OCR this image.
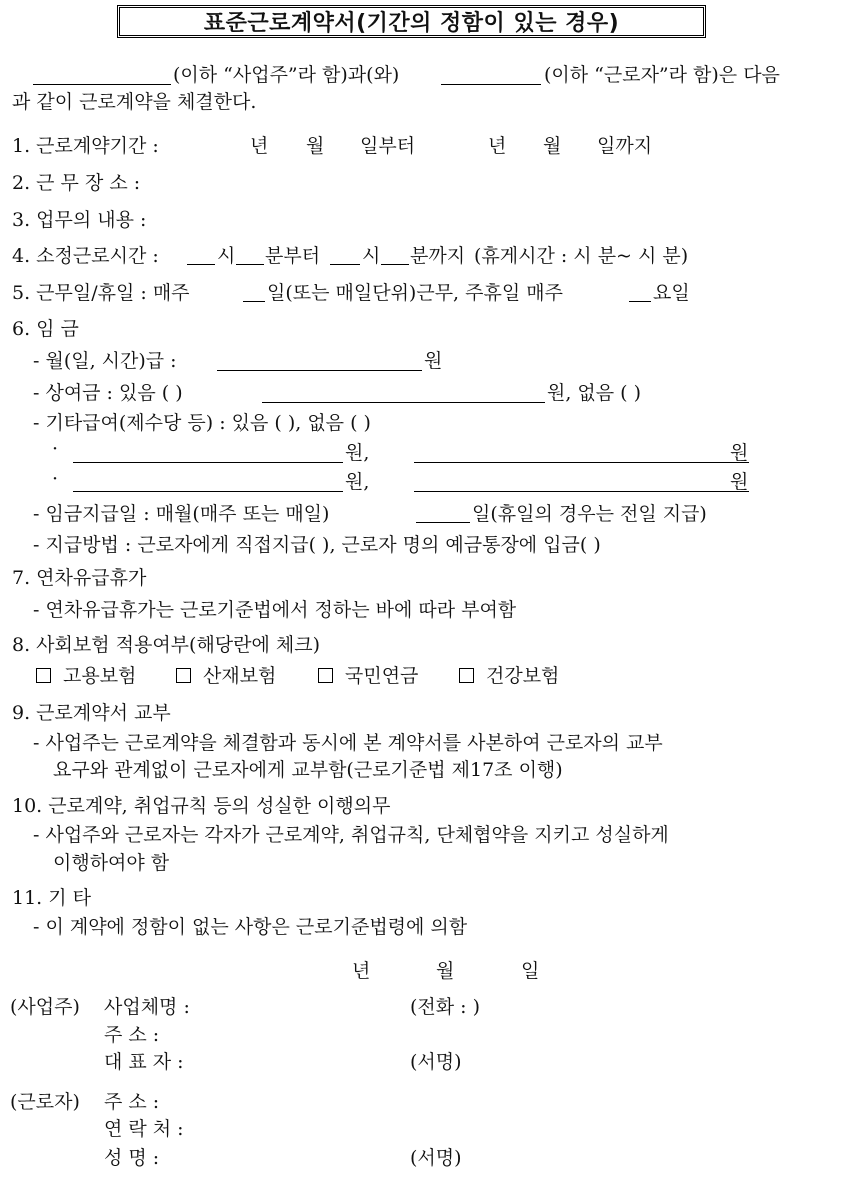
표준근로계약서(기간의 정함이 있는 경우)
(이하 “사업주”라 함)과(와)	(이하 “근로자”라 함)은 다음
과 같이 근로계약을 체결한다.
1. 근로계약기간 :	년 월 일부터	년 월 일까지
2. 근 무 장 소 :
3. 업무의 내용 :
4. 소정근로시간 :	시 분부터 시 분까지 (휴게시간 : 시 분~ 시 분)
5. 근무일/휴일 : 매주	일(또는 매일단위)근무, 주휴일 매주	요일
6. 임 금
- 월(일, 시간)급 :	원
- 상여금 : 있음 ( )	원, 없음 ( )
- 기타급여(제수당 등) : 있음 ( ), 없음 ( )
·	원,	원
·	원,	원
- 임금지급일 : 매월(매주 또는 매일)	일(휴일의 경우는 전일 지급)
- 지급방법 : 근로자에게 직접지급( ), 근로자 명의 예금통장에 입금( )
7. 연차유급휴가
- 연차유급휴가는 근로기준법에서 정하는 바에 따라 부여함
8. 사회보험 적용여부(해당란에 체크)
고용보험	산재보험	국민연금	건강보험
9. 근로계약서 교부
- 사업주는 근로계약을 체결함과 동시에 본 계약서를 사본하여 근로자의 교부
요구와 관계없이 근로자에게 교부함(근로기준법 제17조 이행)
10. 근로계약, 취업규칙 등의 성실한 이행의무
- 사업주와 근로자는 각자가 근로계약, 취업규칙, 단체협약을 지키고 성실하게
이행하여야 함
11. 기 타
- 이 계약에 정함이 없는 사항은 근로기준법령에 의함
년	월	일
(사업주) 사업체명 :	(전화 : )
주 소 :
대 표 자 :	(서명)
(근로자) 주 소 :
연 락 처 :
성 명 :	(서명)
